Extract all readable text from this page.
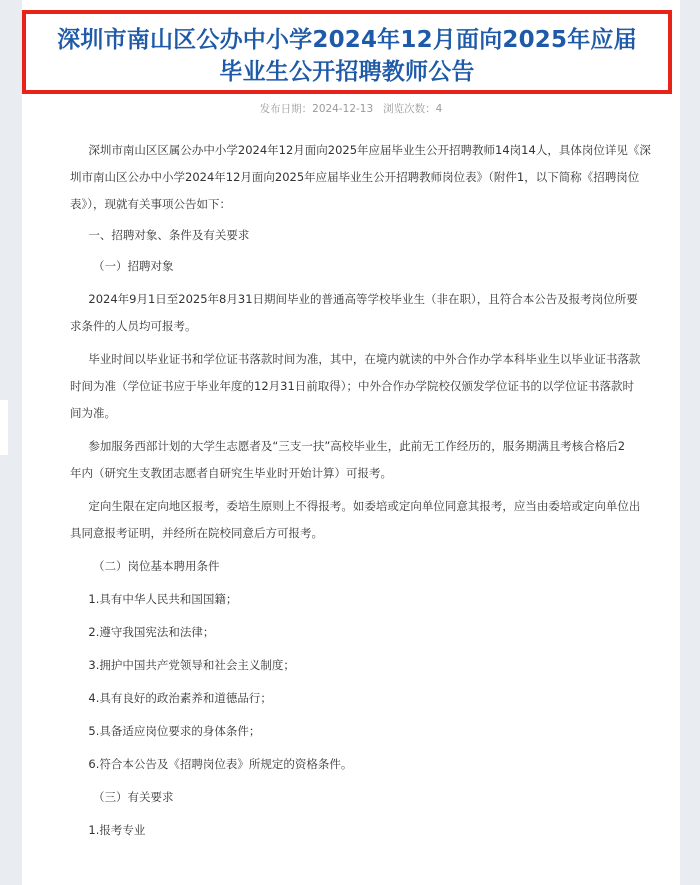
深圳市南山区公办中小学2024年12月面向2025年应届
毕业生公开招聘教师公告
发布日期：2024-12-13 浏览次数：4

深圳市南山区区属公办中小学2024年12月面向2025年应届毕业生公开招聘教师14岗14人，具体岗位详见《深

圳市南山区公办中小学2024年12月面向2025年应届毕业生公开招聘教师岗位表》（附件1，以下简称《招聘岗位

表》），现就有关事项公告如下：

一、招聘对象、条件及有关要求

（一）招聘对象

2024年9月1日至2025年8月31日期间毕业的普通高等学校毕业生（非在职），且符合本公告及报考岗位所要

求条件的人员均可报考。

毕业时间以毕业证书和学位证书落款时间为准，其中，在境内就读的中外合作办学本科毕业生以毕业证书落款

时间为准（学位证书应于毕业年度的12月31日前取得）；中外合作办学院校仅颁发学位证书的以学位证书落款时

间为准。

参加服务西部计划的大学生志愿者及“三支一扶”高校毕业生，此前无工作经历的，服务期满且考核合格后2

年内（研究生支教团志愿者自研究生毕业时开始计算）可报考。

定向生限在定向地区报考，委培生原则上不得报考。如委培或定向单位同意其报考，应当由委培或定向单位出

具同意报考证明，并经所在院校同意后方可报考。

（二）岗位基本聘用条件

1.具有中华人民共和国国籍；

2.遵守我国宪法和法律；

3.拥护中国共产党领导和社会主义制度；

4.具有良好的政治素养和道德品行；

5.具备适应岗位要求的身体条件；

6.符合本公告及《招聘岗位表》所规定的资格条件。

（三）有关要求

1.报考专业
